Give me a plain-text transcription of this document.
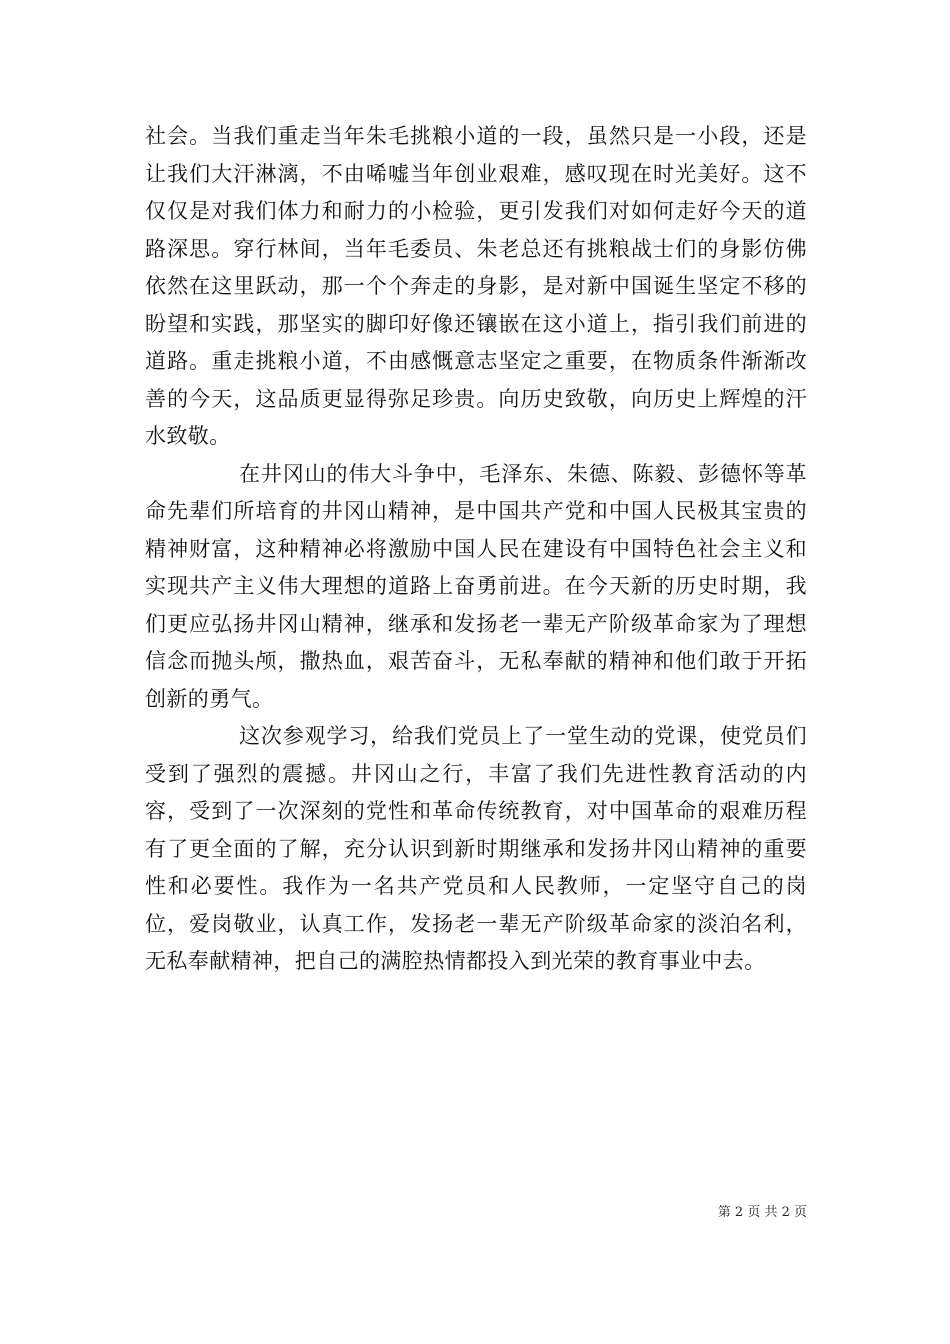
社会。当我们重走当年朱毛挑粮小道的一段，虽然只是一小段，还是让我们大汗淋漓，不由唏嘘当年创业艰难，感叹现在时光美好。这不仅仅是对我们体力和耐力的小检验，更引发我们对如何走好今天的道路深思。穿行林间，当年毛委员、朱老总还有挑粮战士们的身影仿佛依然在这里跃动，那一个个奔走的身影，是对新中国诞生坚定不移的盼望和实践，那坚实的脚印好像还镶嵌在这小道上，指引我们前进的道路。重走挑粮小道，不由感慨意志坚定之重要，在物质条件渐渐改善的今天，这品质更显得弥足珍贵。向历史致敬，向历史上辉煌的汗水致敬。

在井冈山的伟大斗争中，毛泽东、朱德、陈毅、彭德怀等革命先辈们所培育的井冈山精神，是中国共产党和中国人民极其宝贵的精神财富，这种精神必将激励中国人民在建设有中国特色社会主义和实现共产主义伟大理想的道路上奋勇前进。在今天新的历史时期，我们更应弘扬井冈山精神，继承和发扬老一辈无产阶级革命家为了理想信念而抛头颅，撒热血，艰苦奋斗，无私奉献的精神和他们敢于开拓创新的勇气。

这次参观学习，给我们党员上了一堂生动的党课，使党员们受到了强烈的震撼。井冈山之行，丰富了我们先进性教育活动的内容，受到了一次深刻的党性和革命传统教育，对中国革命的艰难历程有了更全面的了解，充分认识到新时期继承和发扬井冈山精神的重要性和必要性。我作为一名共产党员和人民教师，一定坚守自己的岗位，爱岗敬业，认真工作，发扬老一辈无产阶级革命家的淡泊名利，无私奉献精神，把自己的满腔热情都投入到光荣的教育事业中去。

第 2 页 共 2 页
